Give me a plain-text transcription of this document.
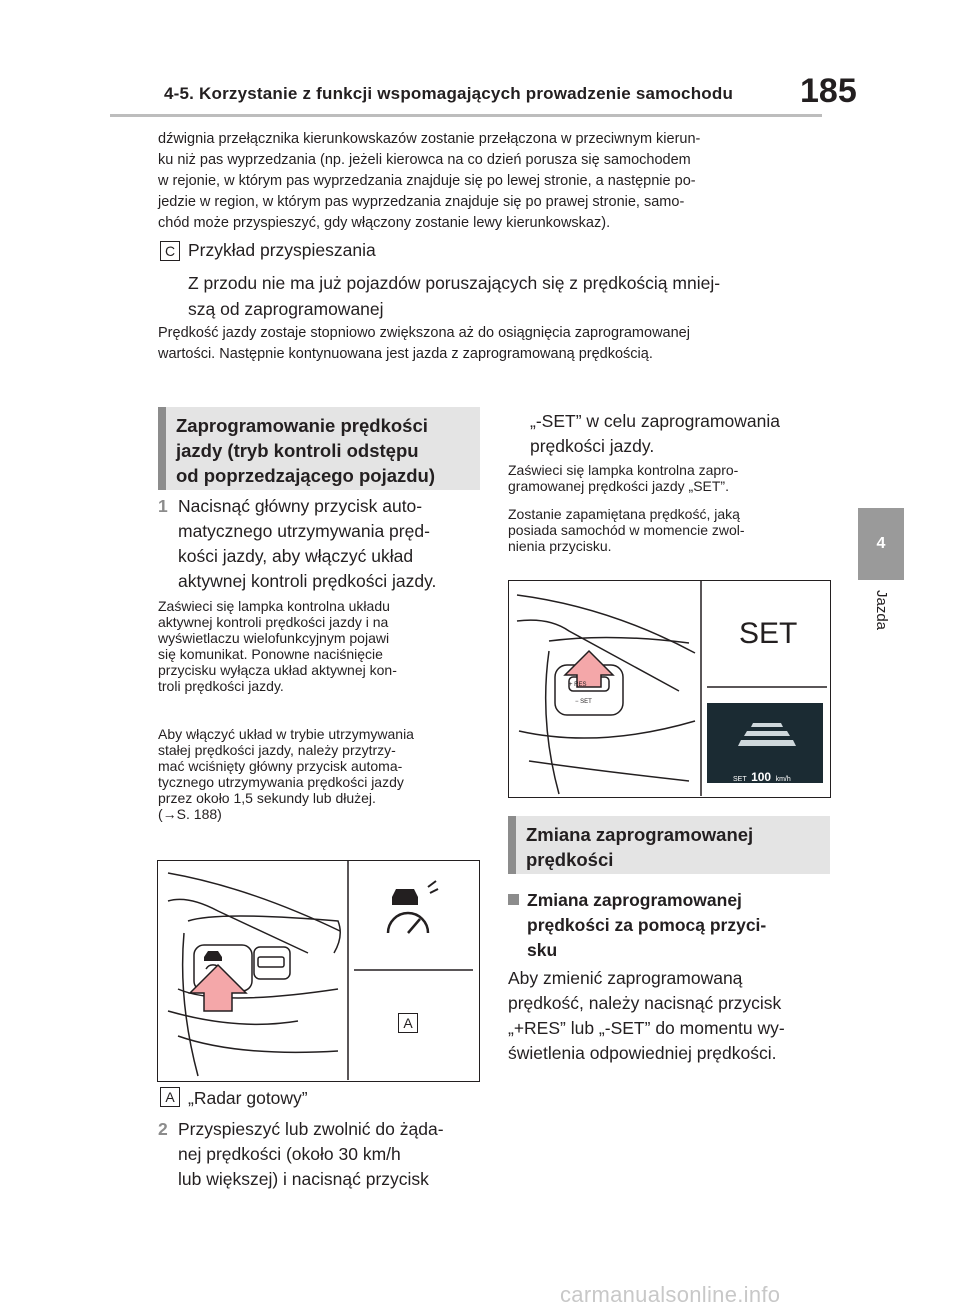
4-5. Korzystanie z funkcji wspomagających prowadzenie samochodu 185
4
Jazda

dźwignia przełącznika kierunkowskazów zostanie przełączona w przeciwnym kierun-

ku niż pas wyprzedzania (np. jeżeli kierowca na co dzień porusza się samochodem

w rejonie, w którym pas wyprzedzania znajduje się po lewej stronie, a następnie po-

jedzie w region, w którym pas wyprzedzania znajduje się po prawej stronie, samo-

chód może przyspieszyć, gdy włączony zostanie lewy kierunkowskaz).

C Przykład przyspieszania
Z przodu nie ma już pojazdów poruszających się z prędkością mniej-
szą od zaprogramowanej
Prędkość jazdy zostaje stopniowo zwiększona aż do osiągnięcia zaprogramowanej
wartości. Następnie kontynuowana jest jazda z zaprogramowaną prędkością.
Zaprogramowanie prędkości
jazdy (tryb kontroli odstępu
od poprzedzającego pojazdu)
1 Nacisnąć główny przycisk auto-
matycznego utrzymywania pręd-
kości jazdy, aby włączyć układ
aktywnej kontroli prędkości jazdy.
Zaświeci się lampka kontrolna układu
aktywnej kontroli prędkości jazdy i na
wyświetlaczu wielofunkcyjnym pojawi
się komunikat. Ponowne naciśnięcie
przycisku wyłącza układ aktywnej kon-
troli prędkości jazdy.
Aby włączyć układ w trybie utrzymywania
stałej prędkości jazdy, należy przytrzy-
mać wciśnięty główny przycisk automa-
tycznego utrzymywania prędkości jazdy
przez około 1,5 sekundy lub dłużej.
(→S. 188)
A
A „Radar gotowy”
2 Przyspieszyć lub zwolnić do żąda-
nej prędkości (około 30 km/h
lub większej) i nacisnąć przycisk
„-SET” w celu zaprogramowania
prędkości jazdy.
Zaświeci się lampka kontrolna zapro-
gramowanej prędkości jazdy „SET”.
Zostanie zapamiętana prędkość, jaką
posiada samochód w momencie zwol-
nienia przycisku.
SET
+ RES
− SET
SET 100 km/h
Zmiana zaprogramowanej
prędkości
Zmiana zaprogramowanej
prędkości za pomocą przyci-
sku
Aby zmienić zaprogramowaną
prędkość, należy nacisnąć przycisk
„+RES” lub „-SET” do momentu wy-
świetlenia odpowiedniej prędkości.
carmanualsonline.info
